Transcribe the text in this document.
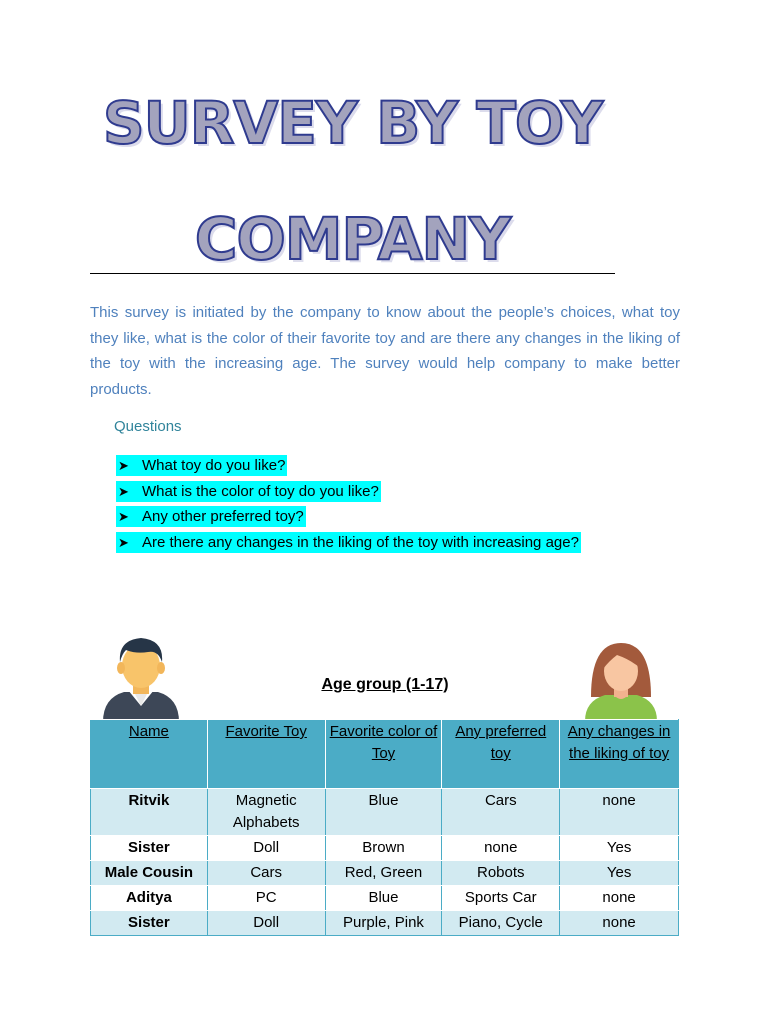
SURVEY BY TOY
COMPANY
This survey is initiated by the company to know about the people’s choices, what toy they like, what is the color of their favorite toy and are there any changes in the liking of the toy with the increasing age. The survey would help company to make better products.
Questions
➤ What toy do you like?
➤ What is the color of toy do you like?
➤ Any other preferred toy?
➤ Are there any changes in the liking of the toy with increasing age?
Age group (1-17)
Name	Favorite Toy	Favorite color of Toy	Any preferred toy	Any changes in the liking of toy
Ritvik	Magnetic Alphabets	Blue	Cars	none
Sister	Doll	Brown	none	Yes
Male Cousin	Cars	Red, Green	Robots	Yes
Aditya	PC	Blue	Sports Car	none
Sister	Doll	Purple, Pink	Piano, Cycle	none
